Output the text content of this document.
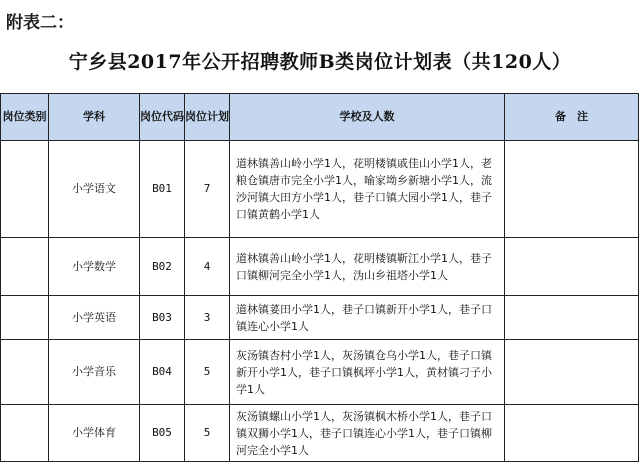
附表二：
宁乡县2017年公开招聘教师B类岗位计划表（共120人）
岗位类别	学科	岗位代码	岗位计划	学校及人数	备　注
	小学语文	B01	7	道林镇善山岭小学1人，花明楼镇戚佳山小学1人，老粮仓镇唐市完全小学1人，喻家坳乡新塘小学1人，流沙河镇大田方小学1人，巷子口镇大园小学1人，巷子口镇黄鹤小学1人	
	小学数学	B02	4	道林镇善山岭小学1人，花明楼镇靳江小学1人，巷子口镇柳河完全小学1人，沩山乡祖塔小学1人	
	小学英语	B03	3	道林镇荽田小学1人，巷子口镇新开小学1人，巷子口镇连心小学1人	
	小学音乐	B04	5	灰汤镇杏村小学1人，灰汤镇仓乌小学1人，巷子口镇新开小学1人，巷子口镇枫坪小学1人，黄材镇刁子小学1人	
	小学体育	B05	5	灰汤镇螺山小学1人，灰汤镇枫木桥小学1人，巷子口镇双狮小学1人，巷子口镇连心小学1人，巷子口镇柳河完全小学1人	
